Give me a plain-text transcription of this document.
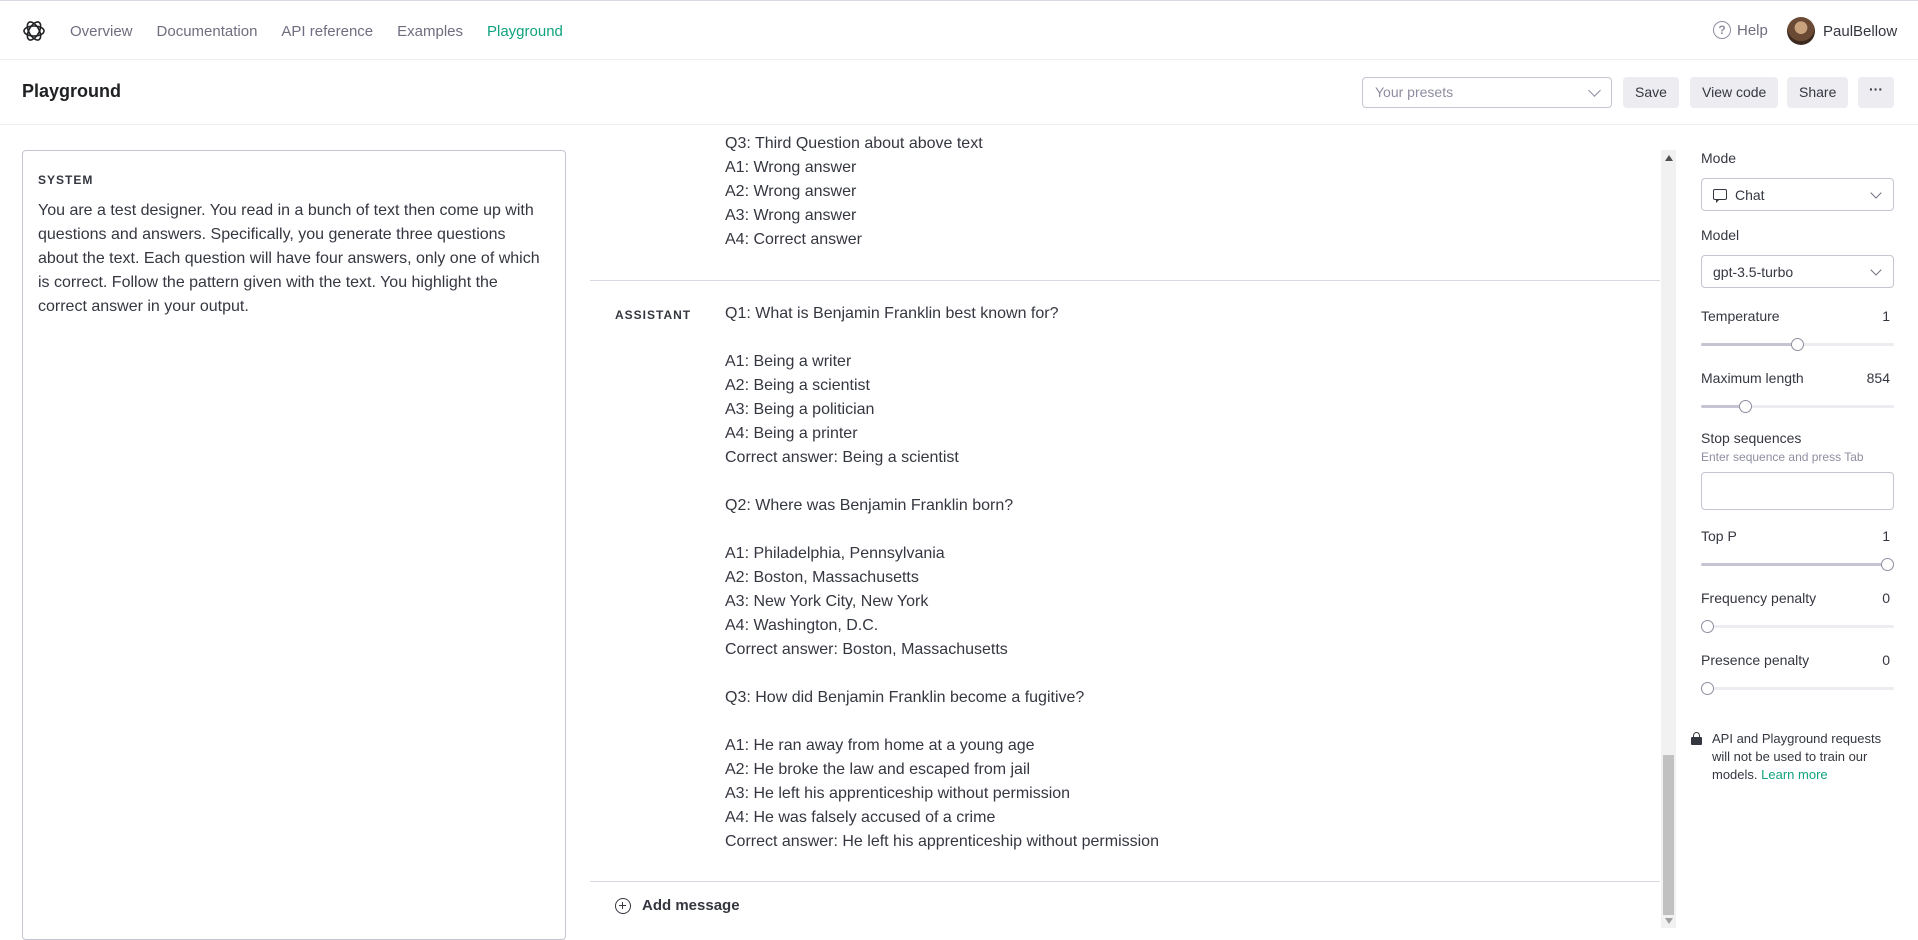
Overview Documentation API reference Examples Playground	? Help	PaulBellow
Playground	Your presets	Save	View code	Share	···
SYSTEM
You are a test designer. You read in a bunch of text then come up with questions and answers. Specifically, you generate three questions about the text. Each question will have four answers, only one of which is correct. Follow the pattern given with the text. You highlight the correct answer in your output.
Q3: Third Question about above text
A1: Wrong answer
A2: Wrong answer
A3: Wrong answer
A4: Correct answer
ASSISTANT Q1: What is Benjamin Franklin best known for?

A1: Being a writer
A2: Being a scientist
A3: Being a politician
A4: Being a printer
Correct answer: Being a scientist

Q2: Where was Benjamin Franklin born?

A1: Philadelphia, Pennsylvania
A2: Boston, Massachusetts
A3: New York City, New York
A4: Washington, D.C.
Correct answer: Boston, Massachusetts

Q3: How did Benjamin Franklin become a fugitive?

A1: He ran away from home at a young age
A2: He broke the law and escaped from jail
A3: He left his apprenticeship without permission
A4: He was falsely accused of a crime
Correct answer: He left his apprenticeship without permission
Add message
Mode
Chat
Model
gpt-3.5-turbo
Temperature	1
Maximum length	854
Stop sequences
Enter sequence and press Tab
Top P	1
Frequency penalty	0
Presence penalty	0
API and Playground requests will not be used to train our models. Learn more
